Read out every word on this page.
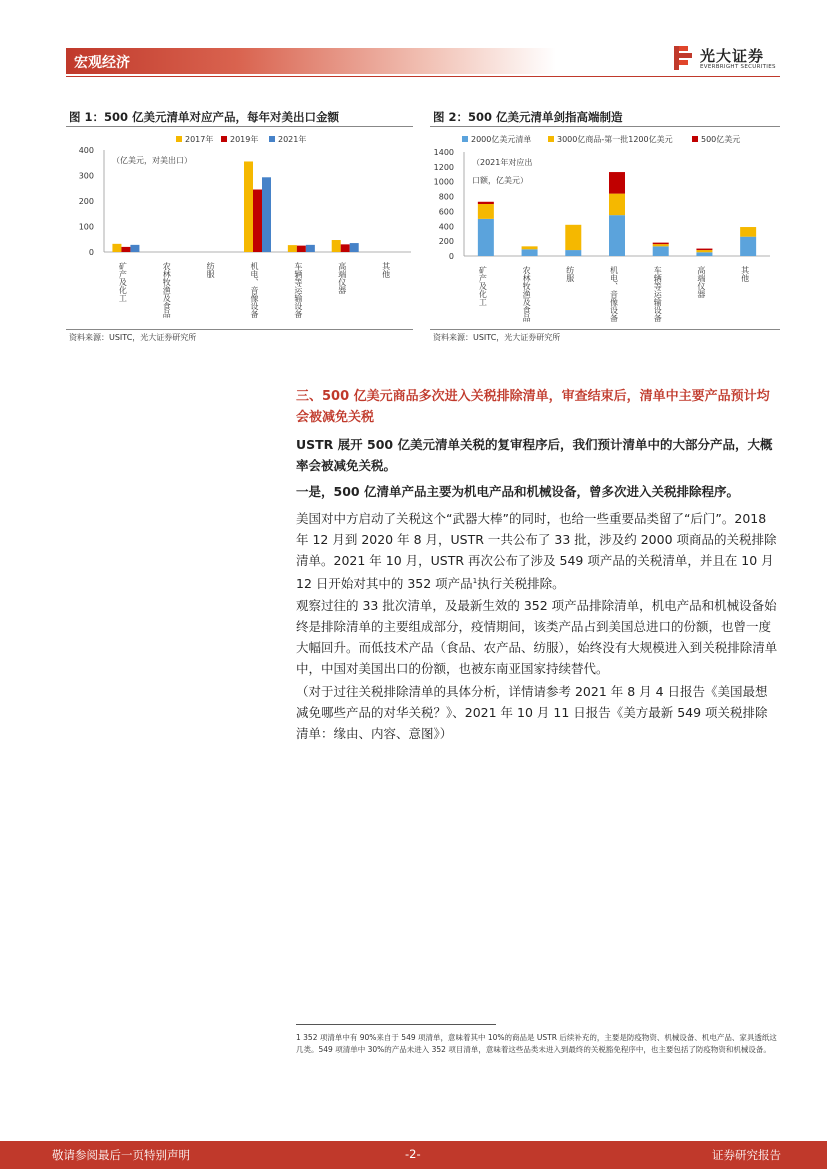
宏观经济	光大证券
EVERBRIGHT SECURITIES
图 1：500 亿美元清单对应产品，每年对美出口金额
2017年 2019年 2021年
0
100
200
300
400
（亿美元，对美出口）
矿产及化工	农林牧渔及食品	纺服	机电、音像设备	车辆等运输设备	高端仪器	其他
资料来源：USITC，光大证券研究所
图 2：500 亿美元清单剑指高端制造
2000亿美元清单	3000亿商品-第一批1200亿美元	500亿美元
0
200
400
600
800
1000
1200
1400
（2021年对应出
口额，亿美元）
矿产及化工	农林牧渔及食品	纺服	机电、音像设备	车辆等运输设备	高端仪器	其他
资料来源：USITC，光大证券研究所
三、500 亿美元商品多次进入关税排除清单，审查结束后，清单中主要产品预计均会被减免关税
USTR 展开 500 亿美元清单关税的复审程序后，我们预计清单中的大部分产品，大概率会被减免关税。
一是，500 亿清单产品主要为机电产品和机械设备，曾多次进入关税排除程序。
美国对中方启动了关税这个“武器大棒”的同时，也给一些重要品类留了“后门”。2018 年 12 月到 2020 年 8 月，USTR 一共公布了 33 批，涉及约 2000 项商品的关税排除清单。2021 年 10 月，USTR 再次公布了涉及 549 项产品的关税清单，并且在 10 月 12 日开始对其中的 352 项产品$^1$执行关税排除。
观察过往的 33 批次清单，及最新生效的 352 项产品排除清单，机电产品和机械设备始终是排除清单的主要组成部分，疫情期间，该类产品占到美国总进口的份额，也曾一度大幅回升。而低技术产品（食品、农产品、纺服），始终没有大规模进入到关税排除清单中，中国对美国出口的份额，也被东南亚国家持续替代。
（对于过往关税排除清单的具体分析，详情请参考 2021 年 8 月 4 日报告《美国最想减免哪些产品的对华关税？》、2021 年 10 月 11 日报告《美方最新 549 项关税排除清单：缘由、内容、意图》）
1 352 项清单中有 90%来自于 549 项清单，意味着其中 10%的商品是 USTR 后续补充的，主要是防疫物资、机械设备、机电产品、家具透纸这几类。549 项清单中 30%的产品未进入 352 项目清单，意味着这些品类未进入到最终的关税豁免程序中，也主要包括了防疫物资和机械设备。
敬请参阅最后一页特别声明	-2-	证券研究报告
